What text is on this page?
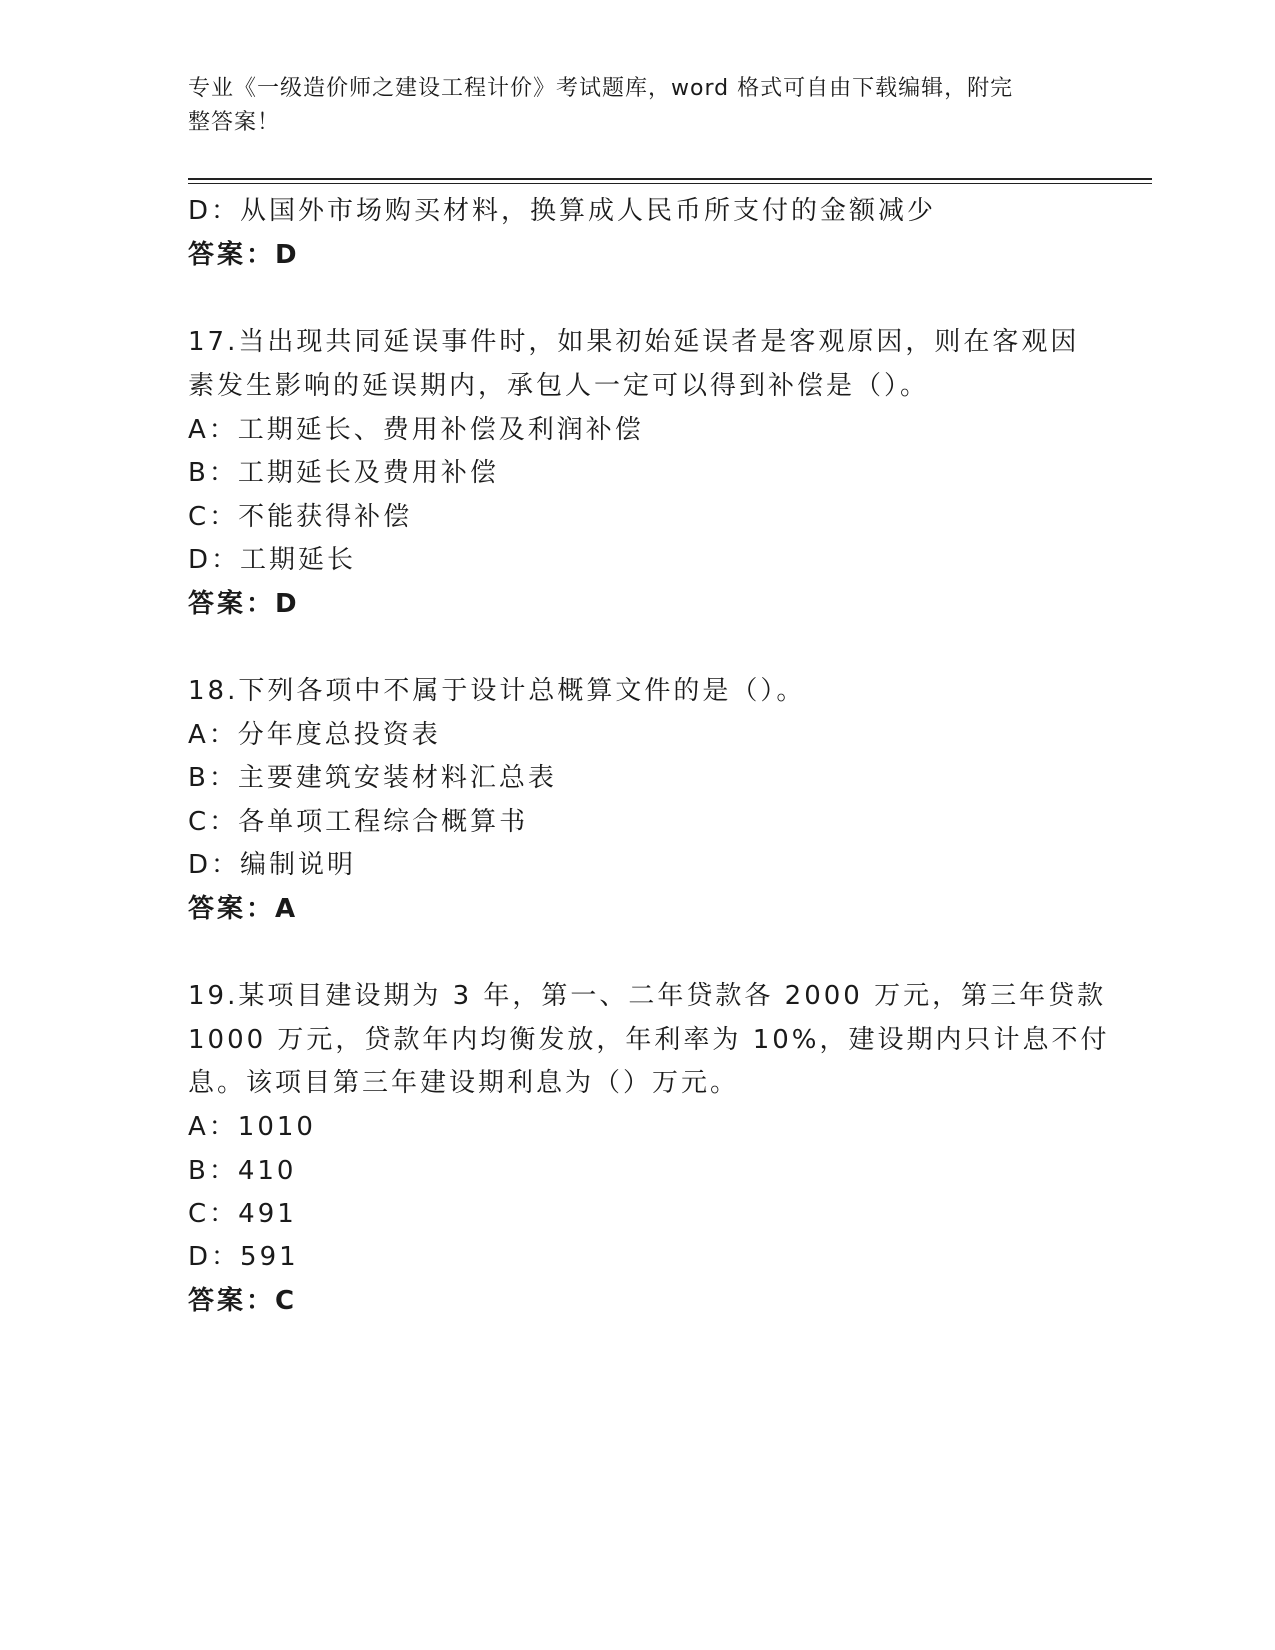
专业《一级造价师之建设工程计价》考试题库，word 格式可自由下载编辑，附完
整答案！
D：从国外市场购买材料，换算成人民币所支付的金额减少
答案：D
17.当出现共同延误事件时，如果初始延误者是客观原因，则在客观因
素发生影响的延误期内，承包人一定可以得到补偿是（）。
A：工期延长、费用补偿及利润补偿
B：工期延长及费用补偿
C：不能获得补偿
D：工期延长
答案：D
18.下列各项中不属于设计总概算文件的是（）。
A：分年度总投资表
B：主要建筑安装材料汇总表
C：各单项工程综合概算书
D：编制说明
答案：A
19.某项目建设期为 3 年，第一、二年贷款各 2000 万元，第三年贷款
1000 万元，贷款年内均衡发放，年利率为 10%，建设期内只计息不付
息。该项目第三年建设期利息为（）万元。
A：1010
B：410
C：491
D：591
答案：C
